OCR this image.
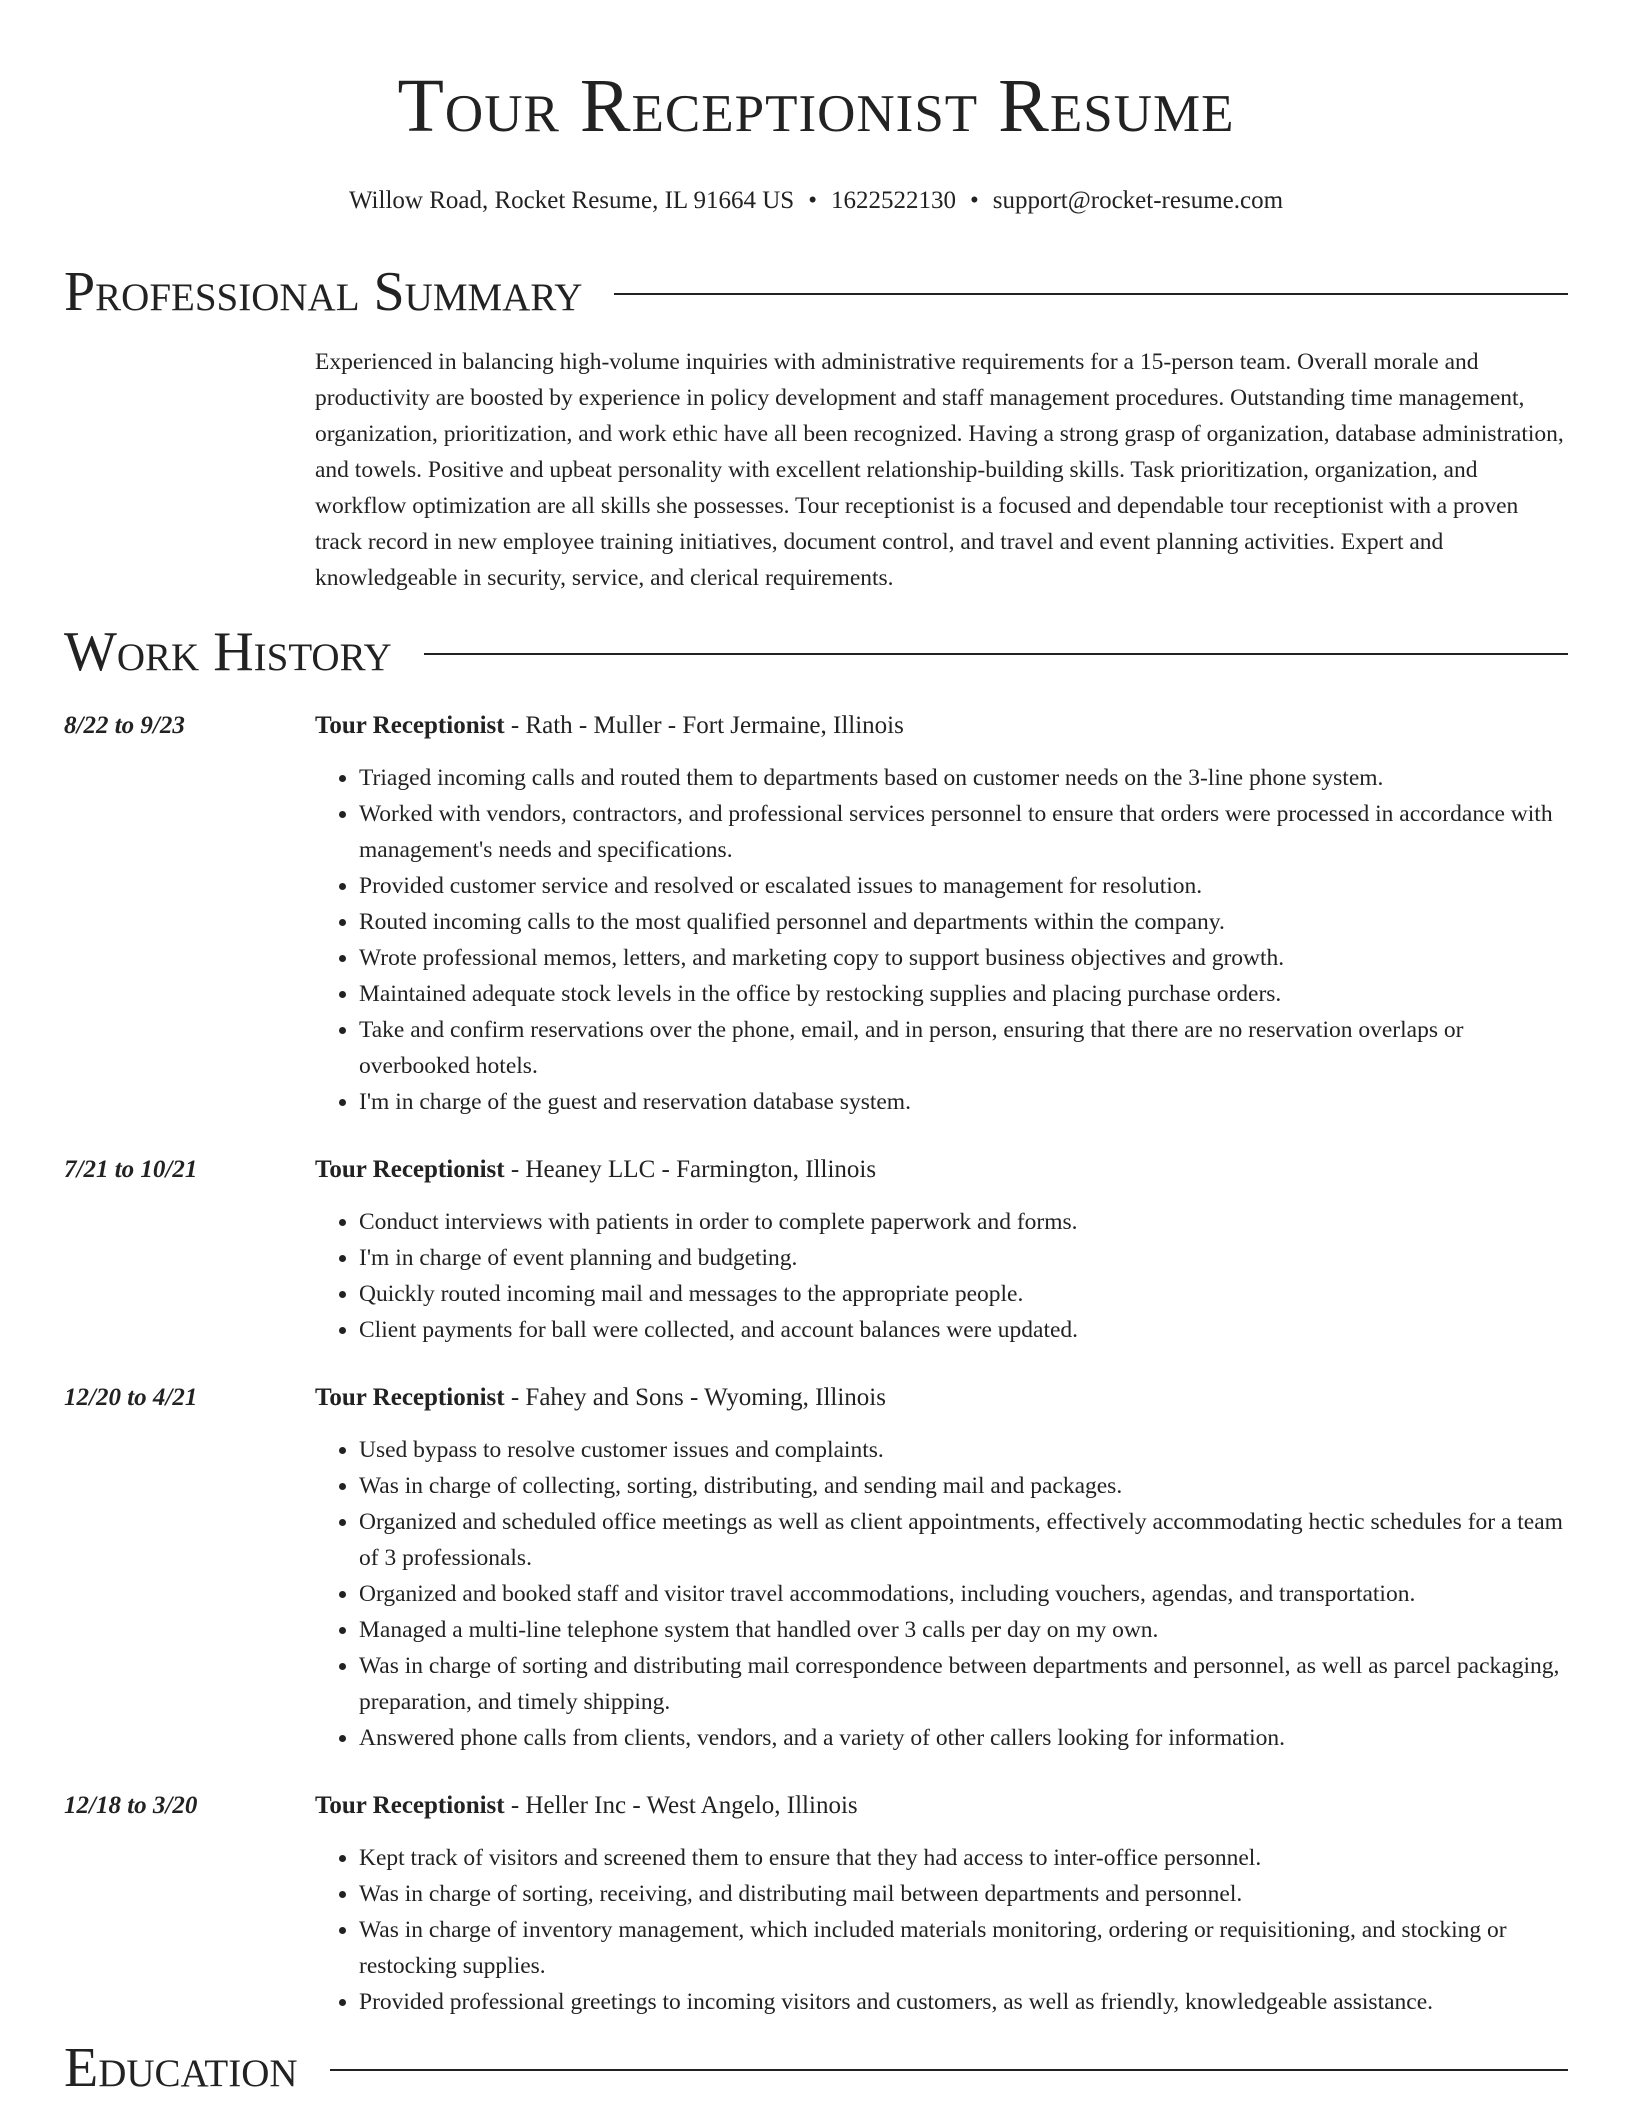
Tour Receptionist Resume
Willow Road, Rocket Resume, IL 91664 US • 1622522130 • support@rocket-resume.com
Professional Summary

Experienced in balancing high-volume inquiries with administrative requirements for a 15-person team. Overall morale and productivity are boosted by experience in policy development and staff management procedures. Outstanding time management, organization, prioritization, and work ethic have all been recognized. Having a strong grasp of organization, database administration, and towels. Positive and upbeat personality with excellent relationship-building skills. Task prioritization, organization, and workflow optimization are all skills she possesses. Tour receptionist is a focused and dependable tour receptionist with a proven track record in new employee training initiatives, document control, and travel and event planning activities. Expert and knowledgeable in security, service, and clerical requirements.

Work History
8/22 to 9/23	Tour Receptionist - Rath - Muller - Fort Jermaine, Illinois
• Triaged incoming calls and routed them to departments based on customer needs on the 3-line phone system.
• Worked with vendors, contractors, and professional services personnel to ensure that orders were processed in accordance with management's needs and specifications.
• Provided customer service and resolved or escalated issues to management for resolution.
• Routed incoming calls to the most qualified personnel and departments within the company.
• Wrote professional memos, letters, and marketing copy to support business objectives and growth.
• Maintained adequate stock levels in the office by restocking supplies and placing purchase orders.
• Take and confirm reservations over the phone, email, and in person, ensuring that there are no reservation overlaps or overbooked hotels.
• I'm in charge of the guest and reservation database system.
7/21 to 10/21	Tour Receptionist - Heaney LLC - Farmington, Illinois
• Conduct interviews with patients in order to complete paperwork and forms.
• I'm in charge of event planning and budgeting.
• Quickly routed incoming mail and messages to the appropriate people.
• Client payments for ball were collected, and account balances were updated.
12/20 to 4/21	Tour Receptionist - Fahey and Sons - Wyoming, Illinois
• Used bypass to resolve customer issues and complaints.
• Was in charge of collecting, sorting, distributing, and sending mail and packages.
• Organized and scheduled office meetings as well as client appointments, effectively accommodating hectic schedules for a team of 3 professionals.
• Organized and booked staff and visitor travel accommodations, including vouchers, agendas, and transportation.
• Managed a multi-line telephone system that handled over 3 calls per day on my own.
• Was in charge of sorting and distributing mail correspondence between departments and personnel, as well as parcel packaging, preparation, and timely shipping.
• Answered phone calls from clients, vendors, and a variety of other callers looking for information.
12/18 to 3/20	Tour Receptionist - Heller Inc - West Angelo, Illinois
• Kept track of visitors and screened them to ensure that they had access to inter-office personnel.
• Was in charge of sorting, receiving, and distributing mail between departments and personnel.
• Was in charge of inventory management, which included materials monitoring, ordering or requisitioning, and stocking or restocking supplies.
• Provided professional greetings to incoming visitors and customers, as well as friendly, knowledgeable assistance.
Education
